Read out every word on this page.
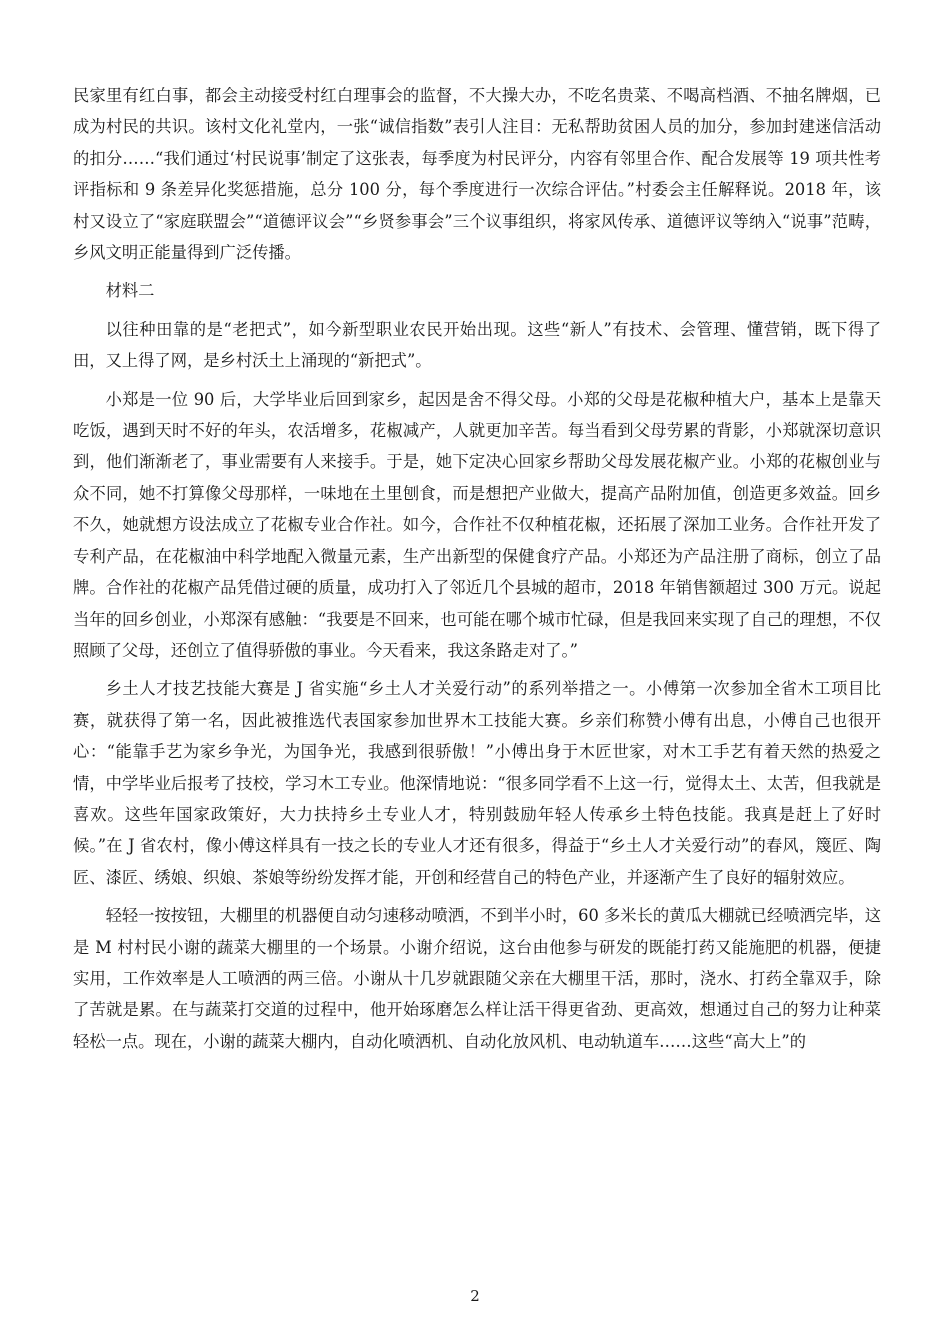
民家里有红白事，都会主动接受村红白理事会的监督，不大操大办，不吃名贵菜、不喝高档酒、不抽名牌烟，已成为村民的共识。该村文化礼堂内，一张“诚信指数”表引人注目：无私帮助贫困人员的加分，参加封建迷信活动的扣分……“我们通过‘村民说事’制定了这张表，每季度为村民评分，内容有邻里合作、配合发展等 19 项共性考评指标和 9 条差异化奖惩措施，总分 100 分，每个季度进行一次综合评估。”村委会主任解释说。2018 年，该村又设立了“家庭联盟会”“道德评议会”“乡贤参事会”三个议事组织，将家风传承、道德评议等纳入“说事”范畴，乡风文明正能量得到广泛传播。

材料二

以往种田靠的是“老把式”，如今新型职业农民开始出现。这些“新人”有技术、会管理、懂营销，既下得了田，又上得了网，是乡村沃土上涌现的“新把式”。

小郑是一位 90 后，大学毕业后回到家乡，起因是舍不得父母。小郑的父母是花椒种植大户，基本上是靠天吃饭，遇到天时不好的年头，农活增多，花椒减产，人就更加辛苦。每当看到父母劳累的背影，小郑就深切意识到，他们渐渐老了，事业需要有人来接手。于是，她下定决心回家乡帮助父母发展花椒产业。小郑的花椒创业与众不同，她不打算像父母那样，一味地在土里刨食，而是想把产业做大，提高产品附加值，创造更多效益。回乡不久，她就想方设法成立了花椒专业合作社。如今，合作社不仅种植花椒，还拓展了深加工业务。合作社开发了专利产品，在花椒油中科学地配入微量元素，生产出新型的保健食疗产品。小郑还为产品注册了商标，创立了品牌。合作社的花椒产品凭借过硬的质量，成功打入了邻近几个县城的超市，2018 年销售额超过 300 万元。说起当年的回乡创业，小郑深有感触：“我要是不回来，也可能在哪个城市忙碌，但是我回来实现了自己的理想，不仅照顾了父母，还创立了值得骄傲的事业。今天看来，我这条路走对了。”

乡土人才技艺技能大赛是 J 省实施“乡土人才关爱行动”的系列举措之一。小傅第一次参加全省木工项目比赛，就获得了第一名，因此被推选代表国家参加世界木工技能大赛。乡亲们称赞小傅有出息，小傅自己也很开心：“能靠手艺为家乡争光，为国争光，我感到很骄傲！”小傅出身于木匠世家，对木工手艺有着天然的热爱之情，中学毕业后报考了技校，学习木工专业。他深情地说：“很多同学看不上这一行，觉得太土、太苦，但我就是喜欢。这些年国家政策好，大力扶持乡土专业人才，特别鼓励年轻人传承乡土特色技能。我真是赶上了好时候。”在 J 省农村，像小傅这样具有一技之长的专业人才还有很多，得益于“乡土人才关爱行动”的春风，篾匠、陶匠、漆匠、绣娘、织娘、茶娘等纷纷发挥才能，开创和经营自己的特色产业，并逐渐产生了良好的辐射效应。

轻轻一按按钮，大棚里的机器便自动匀速移动喷洒，不到半小时，60 多米长的黄瓜大棚就已经喷洒完毕，这是 M 村村民小谢的蔬菜大棚里的一个场景。小谢介绍说，这台由他参与研发的既能打药又能施肥的机器，便捷实用，工作效率是人工喷洒的两三倍。小谢从十几岁就跟随父亲在大棚里干活，那时，浇水、打药全靠双手，除了苦就是累。在与蔬菜打交道的过程中，他开始琢磨怎么样让活干得更省劲、更高效，想通过自己的努力让种菜轻松一点。现在，小谢的蔬菜大棚内，自动化喷洒机、自动化放风机、电动轨道车……这些“高大上”的

2
